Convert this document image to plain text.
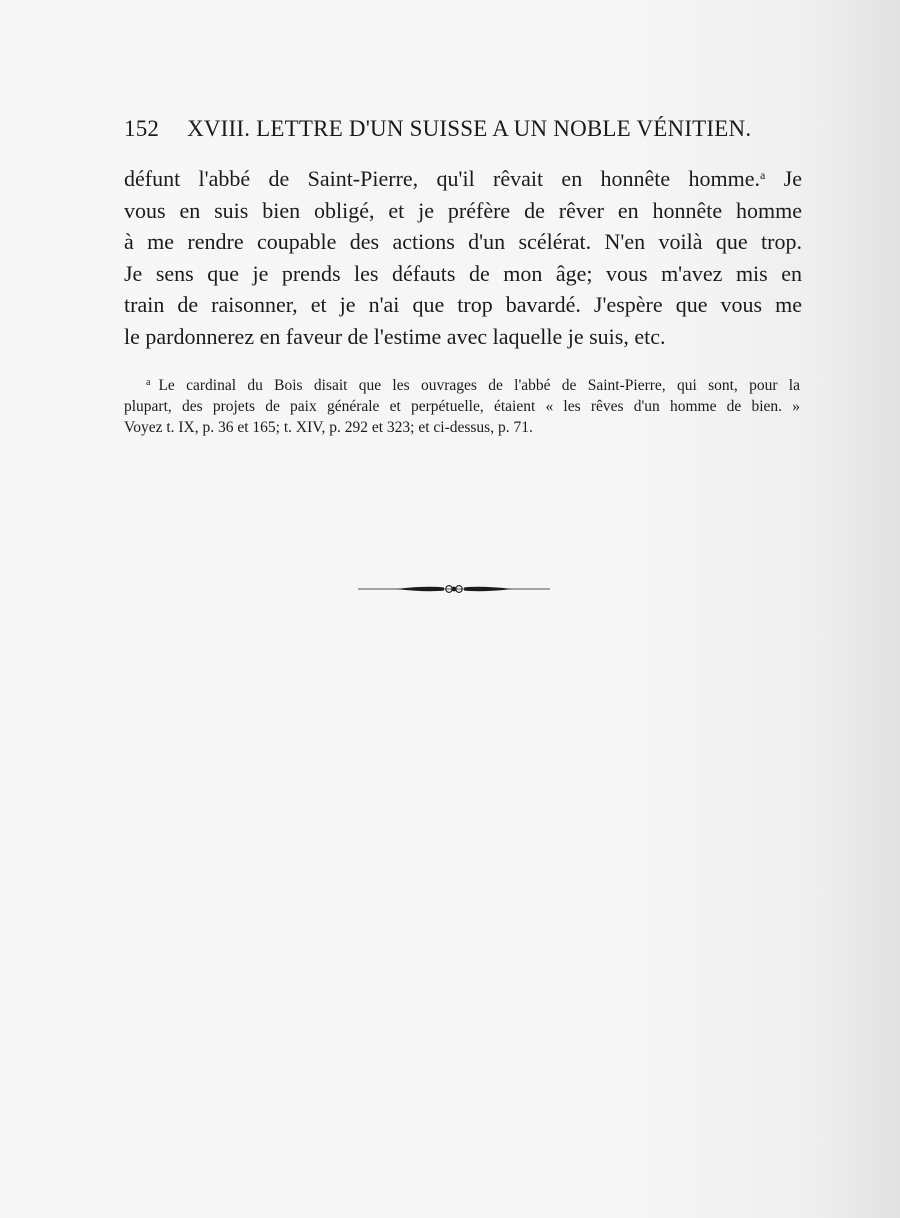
152 XVIII. LETTRE D'UN SUISSE A UN NOBLE VÉNITIEN.
défunt l'abbé de Saint-Pierre, qu'il rêvait en honnête homme.$^a$ Je
vous en suis bien obligé, et je préfère de rêver en honnête homme
à me rendre coupable des actions d'un scélérat. N'en voilà que trop.
Je sens que je prends les défauts de mon âge; vous m'avez mis en
train de raisonner, et je n'ai que trop bavardé. J'espère que vous me
le pardonnerez en faveur de l'estime avec laquelle je suis, etc.
$^a$ Le cardinal du Bois disait que les ouvrages de l'abbé de Saint-Pierre, qui sont, pour la
plupart, des projets de paix générale et perpétuelle, étaient « les rêves d'un homme de bien. »
Voyez t. IX, p. 36 et 165; t. XIV, p. 292 et 323; et ci-dessus, p. 71.
